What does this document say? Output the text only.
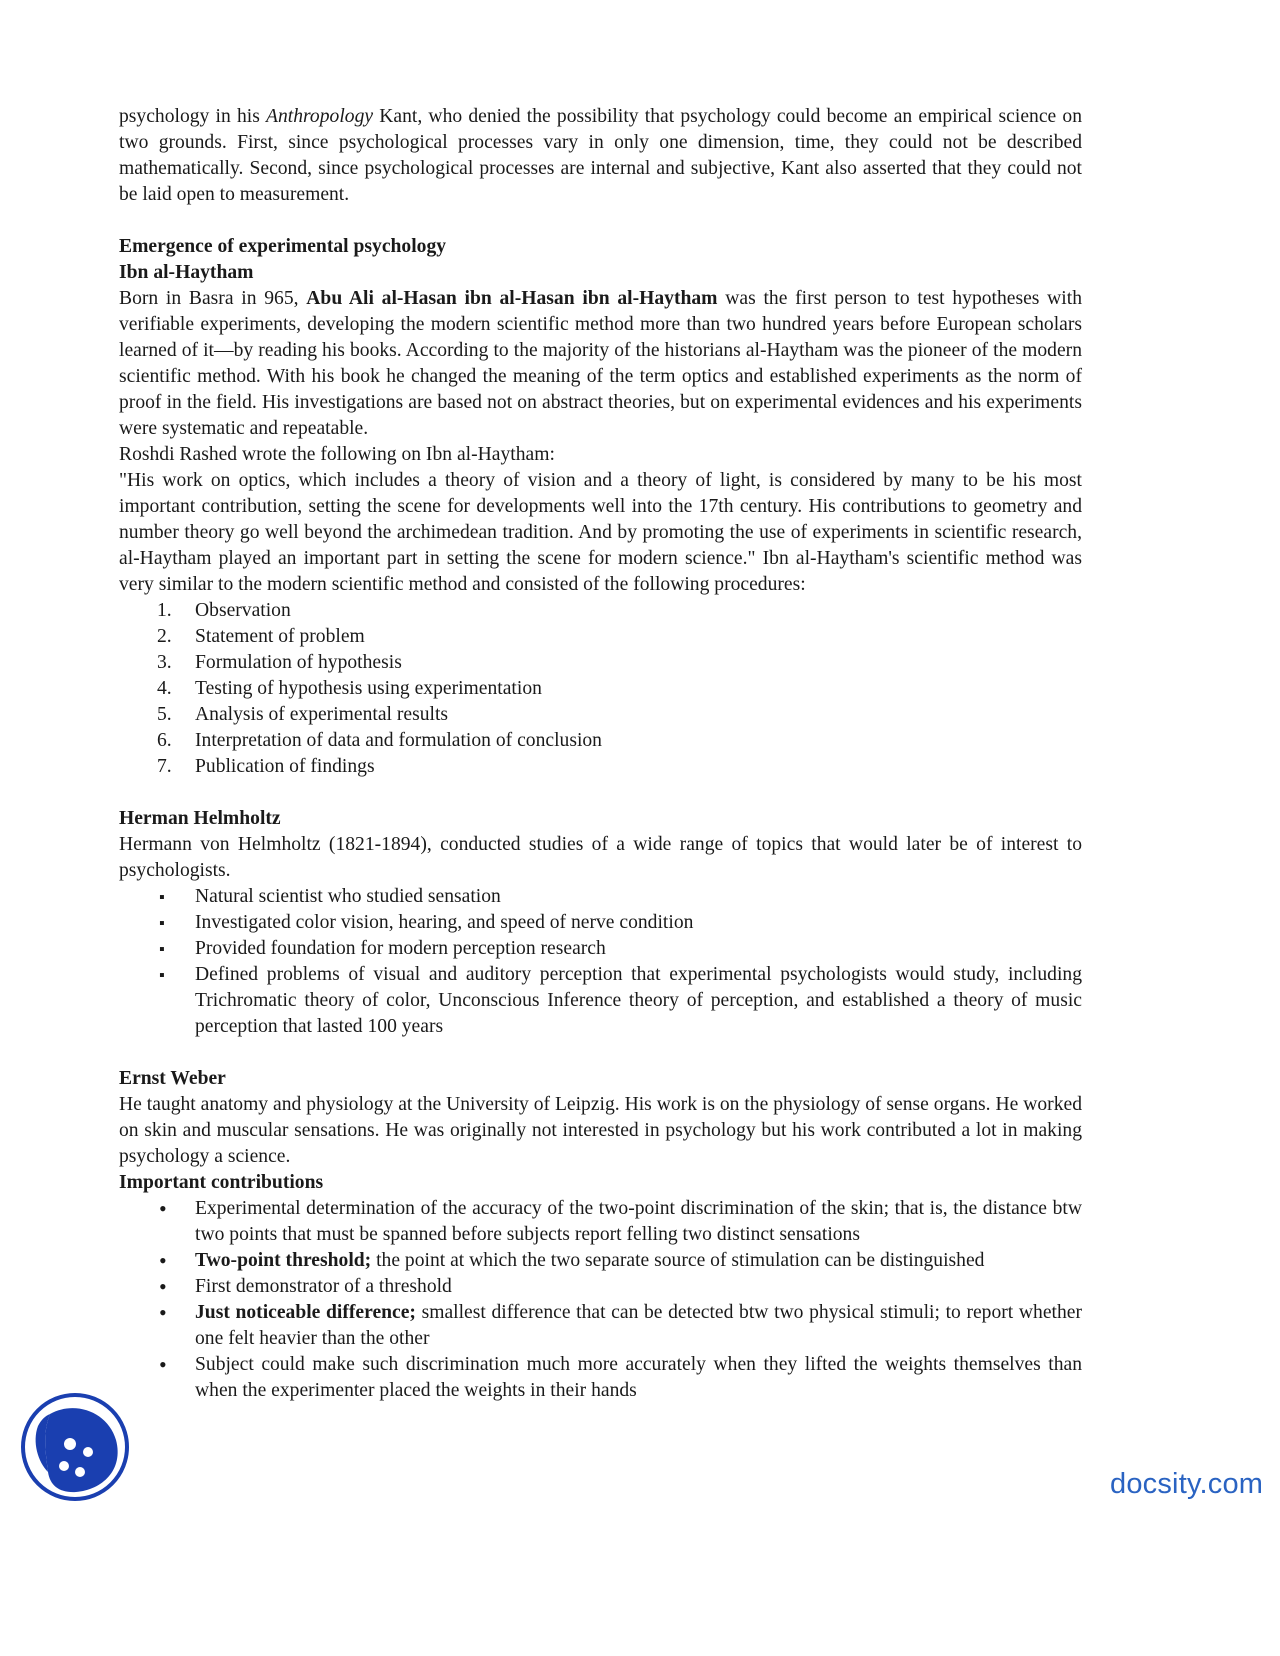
psychology in his Anthropology Kant, who denied the possibility that psychology could become an empirical science on two grounds. First, since psychological processes vary in only one dimension, time, they could not be described mathematically. Second, since psychological processes are internal and subjective, Kant also asserted that they could not be laid open to measurement.

Emergence of experimental psychology

Ibn al-Haytham

Born in Basra in 965, Abu Ali al-Hasan ibn al-Hasan ibn al-Haytham was the first person to test hypotheses with verifiable experiments, developing the modern scientific method more than two hundred years before European scholars learned of it—by reading his books. According to the majority of the historians al-Haytham was the pioneer of the modern scientific method. With his book he changed the meaning of the term optics and established experiments as the norm of proof in the field. His investigations are based not on abstract theories, but on experimental evidences and his experiments were systematic and repeatable.

Roshdi Rashed wrote the following on Ibn al-Haytham:

"His work on optics, which includes a theory of vision and a theory of light, is considered by many to be his most important contribution, setting the scene for developments well into the 17th century. His contributions to geometry and number theory go well beyond the archimedean tradition. And by promoting the use of experiments in scientific research, al-Haytham played an important part in setting the scene for modern science." Ibn al-Haytham's scientific method was very similar to the modern scientific method and consisted of the following procedures:

1.	Observation
2.	Statement of problem
3.	Formulation of hypothesis
4.	Testing of hypothesis using experimentation
5.	Analysis of experimental results
6.	Interpretation of data and formulation of conclusion
7.	Publication of findings

Herman Helmholtz

Hermann von Helmholtz (1821-1894), conducted studies of a wide range of topics that would later be of interest to psychologists.

▪
Natural scientist who studied sensation
▪
Investigated color vision, hearing, and speed of nerve condition
▪
Provided foundation for modern perception research
▪
Defined problems of visual and auditory perception that experimental psychologists would study, including Trichromatic theory of color, Unconscious Inference theory of perception, and established a theory of music perception that lasted 100 years

Ernst Weber

He taught anatomy and physiology at the University of Leipzig. His work is on the physiology of sense organs. He worked on skin and muscular sensations. He was originally not interested in psychology but his work contributed a lot in making psychology a science.

Important contributions

•
Experimental determination of the accuracy of the two-point discrimination of the skin; that is, the distance btw two points that must be spanned before subjects report felling two distinct sensations
•
Two-point threshold; the point at which the two separate source of stimulation can be distinguished
•
First demonstrator of a threshold
•
Just noticeable difference; smallest difference that can be detected btw two physical stimuli; to report whether one felt heavier than the other
•
Subject could make such discrimination much more accurately when they lifted the weights themselves than when the experimenter placed the weights in their hands
docsity.com
